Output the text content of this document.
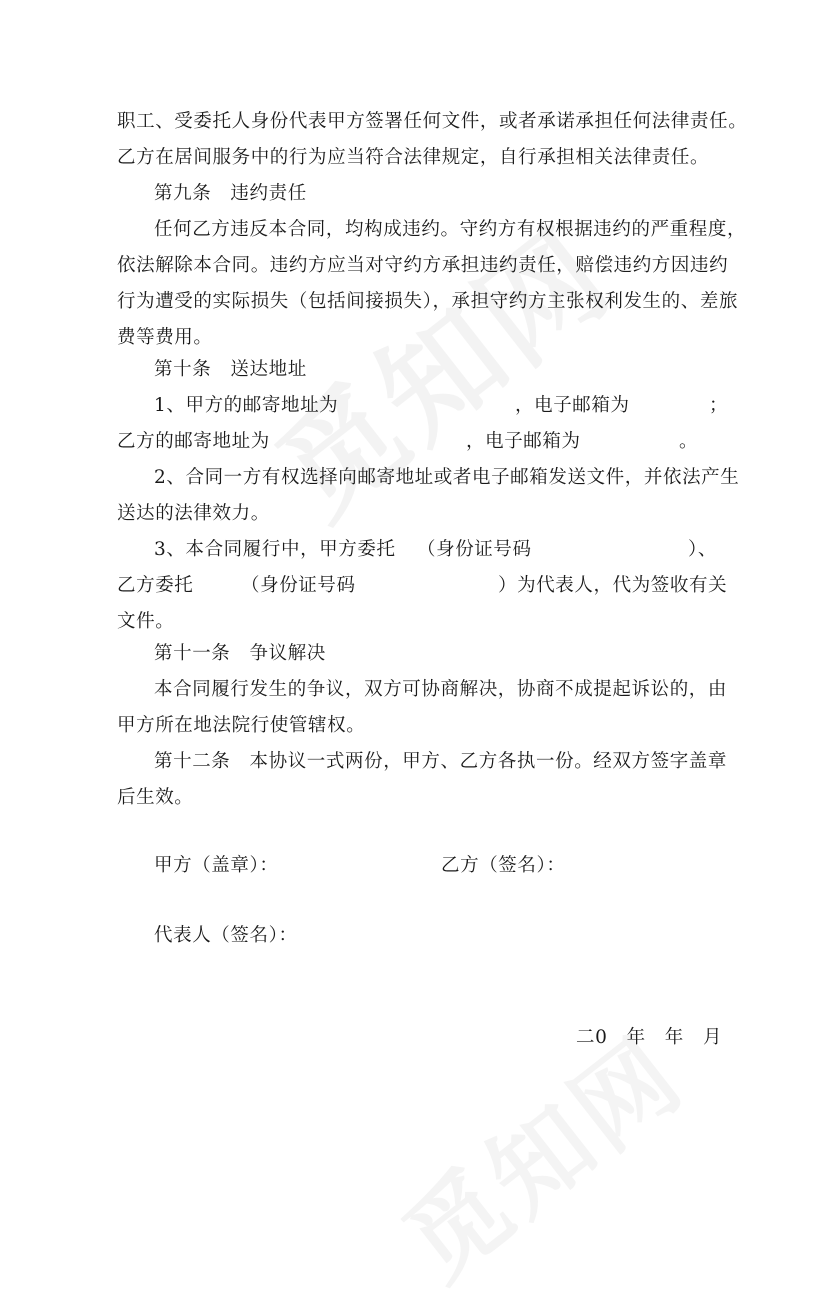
职工、受委托人身份代表甲方签署任何文件，或者承诺承担任何法律责任。
乙方在居间服务中的行为应当符合法律规定，自行承担相关法律责任。
第九条　违约责任
任何乙方违反本合同，均构成违约。守约方有权根据违约的严重程度，
依法解除本合同。违约方应当对守约方承担违约责任，赔偿违约方因违约
行为遭受的实际损失（包括间接损失），承担守约方主张权利发生的、差旅
费等费用。
第十条　送达地址
1、甲方的邮寄地址为	，电子邮箱为	；
乙方的邮寄地址为	，电子邮箱为	。
2、合同一方有权选择向邮寄地址或者电子邮箱发送文件，并依法产生
送达的法律效力。
3、本合同履行中，甲方委托 （身份证号码	）、
乙方委托	（身份证号码	）为代表人，代为签收有关
文件。
第十一条　争议解决
本合同履行发生的争议，双方可协商解决，协商不成提起诉讼的，由
甲方所在地法院行使管辖权。
第十二条　本协议一式两份，甲方、乙方各执一份。经双方签字盖章
后生效。
甲方（盖章）：	乙方（签名）：
代表人（签名）：
二0　年　年　月
